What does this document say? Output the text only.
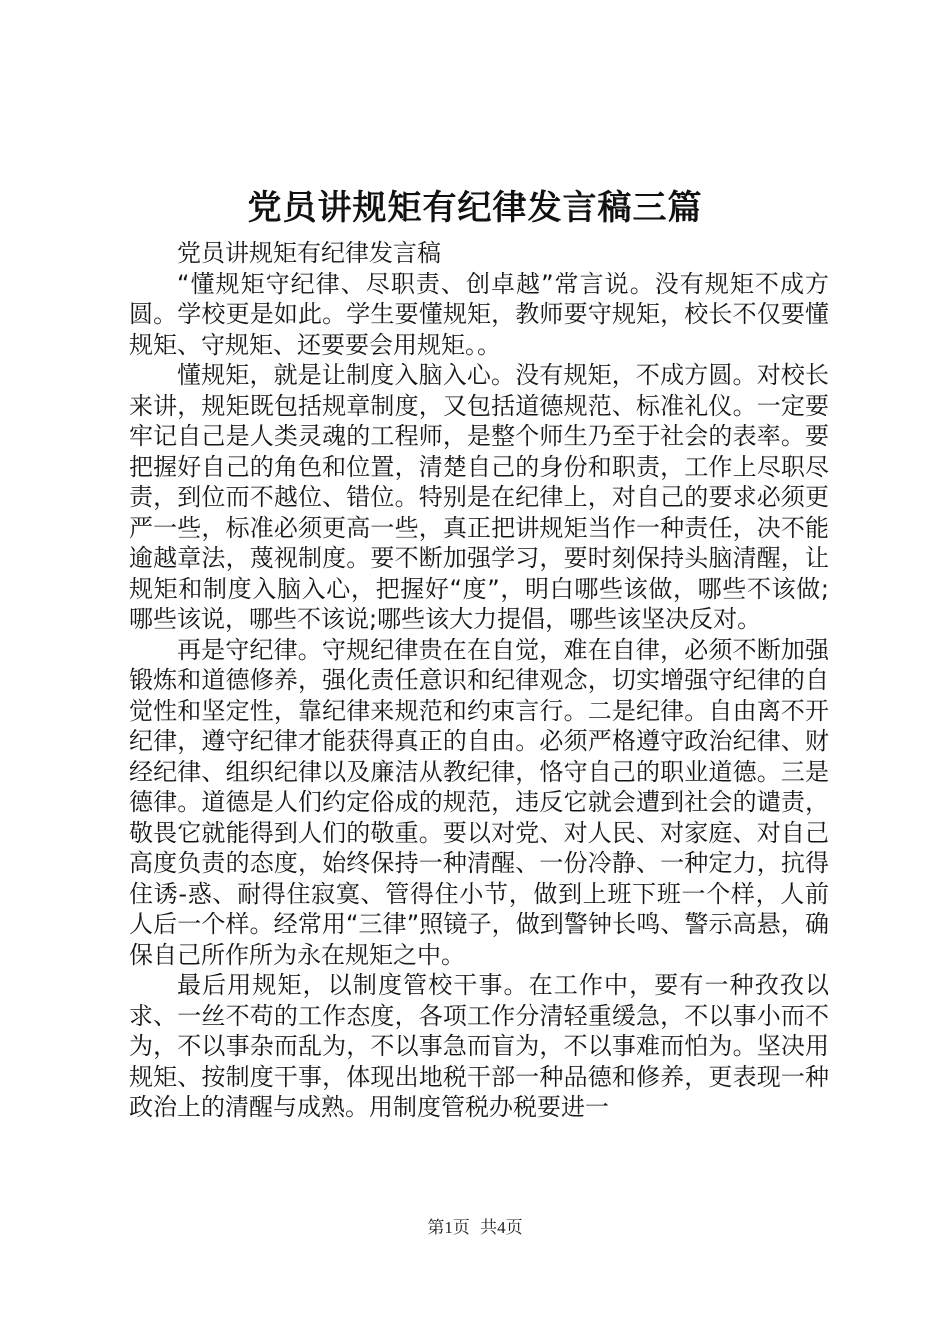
党员讲规矩有纪律发言稿三篇

党员讲规矩有纪律发言稿

“懂规矩守纪律、尽职责、创卓越”常言说。没有规矩不成方圆。学校更是如此。学生要懂规矩，教师要守规矩，校长不仅要懂规矩、守规矩、还要要会用规矩。。

懂规矩，就是让制度入脑入心。没有规矩，不成方圆。对校长来讲，规矩既包括规章制度，又包括道德规范、标准礼仪。一定要牢记自己是人类灵魂的工程师，是整个师生乃至于社会的表率。要把握好自己的角色和位置，清楚自己的身份和职责，工作上尽职尽责，到位而不越位、错位。特别是在纪律上，对自己的要求必须更严一些，标准必须更高一些，真正把讲规矩当作一种责任，决不能逾越章法，蔑视制度。要不断加强学习，要时刻保持头脑清醒，让规矩和制度入脑入心，把握好“度”，明白哪些该做，哪些不该做;哪些该说，哪些不该说;哪些该大力提倡，哪些该坚决反对。

再是守纪律。守规纪律贵在在自觉，难在自律，必须不断加强锻炼和道德修养，强化责任意识和纪律观念，切实增强守纪律的自觉性和坚定性，靠纪律来规范和约束言行。二是纪律。自由离不开纪律，遵守纪律才能获得真正的自由。必须严格遵守政治纪律、财经纪律、组织纪律以及廉洁从教纪律，恪守自己的职业道德。三是德律。道德是人们约定俗成的规范，违反它就会遭到社会的谴责，敬畏它就能得到人们的敬重。要以对党、对人民、对家庭、对自己高度负责的态度，始终保持一种清醒、一份冷静、一种定力，抗得住诱-惑、耐得住寂寞、管得住小节，做到上班下班一个样，人前人后一个样。经常用“三律”照镜子，做到警钟长鸣、警示高悬，确保自己所作所为永在规矩之中。

最后用规矩，以制度管校干事。在工作中，要有一种孜孜以求、一丝不苟的工作态度，各项工作分清轻重缓急，不以事小而不为，不以事杂而乱为，不以事急而盲为，不以事难而怕为。坚决用规矩、按制度干事，体现出地税干部一种品德和修养，更表现一种政治上的清醒与成熟。用制度管税办税要进一

第1页 共4页
